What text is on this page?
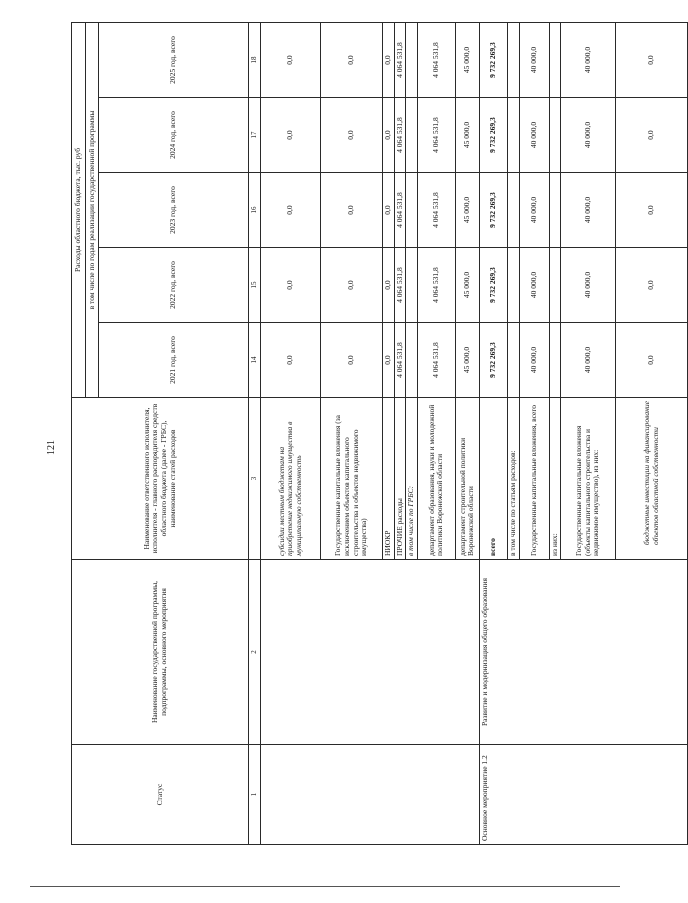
121
Статус	Наименование государственной программы, подпрограммы, основного мероприятия	Наименование ответственного исполнителя, исполнителя - главного распорядителя средств областного бюджета (далее - ГРБС), наименование статей расходов	Расходы областного бюджета, тыс. руб				
			в том числе по годам реализации государственной программы				
			2021 год, всего	2022 год, всего	2023 год, всего	2024 год, всего	2025 год, всего
1	2	3	14	15	16	17	18
		субсидии местным бюджетам на приобретение недвижимого имущества в муниципальную собственность	0,0	0,0	0,0	0,0	0,0
		Государственные капитальные вложения (за исключением объектов капитального строительства и объектов недвижимого имущества)	0,0	0,0	0,0	0,0	0,0
		НИОКР	0,0	0,0	0,0	0,0	0,0
		ПРОЧИЕ расходы	4 064 531,8	4 064 531,8	4 064 531,8	4 064 531,8	4 064 531,8
		в том числе по ГРБС:					
		департамент образования, науки и молодежной политики Воронежской области	4 064 531,8	4 064 531,8	4 064 531,8	4 064 531,8	4 064 531,8
		департамент строительной политики Воронежской области	45 000,0	45 000,0	45 000,0	45 000,0	45 000,0
Основное мероприятие 1.2	Развитие и модернизация общего образования	всего	9 732 269,3	9 732 269,3	9 732 269,3	9 732 269,3	9 732 269,3
		в том числе по статьям расходов:					
		Государственные капитальные вложения, всего	40 000,0	40 000,0	40 000,0	40 000,0	40 000,0
		из них:					
		Государственные капитальные вложения (объекты капитального строительства и недвижимое имущество), из них:	40 000,0	40 000,0	40 000,0	40 000,0	40 000,0
		бюджетные инвестиции на финансирование объектов областной собственности	0,0	0,0	0,0	0,0	0,0
